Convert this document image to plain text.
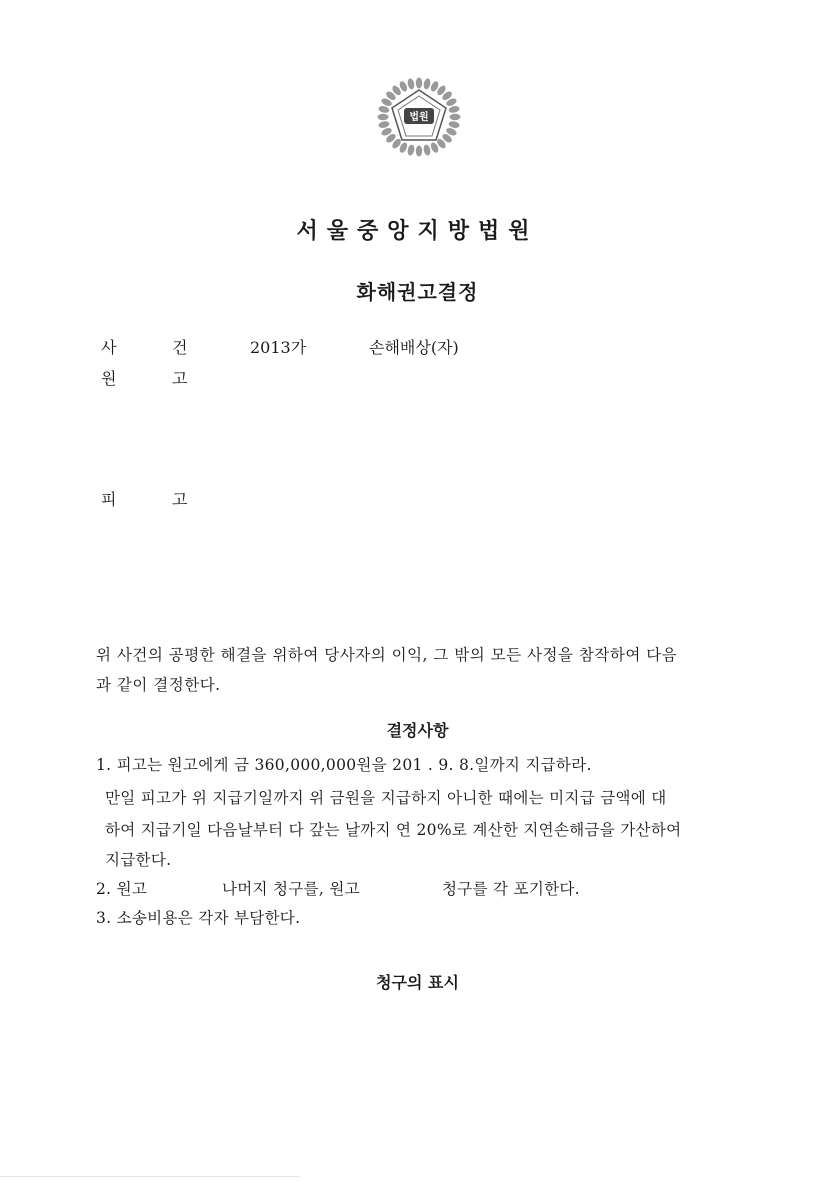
서울중앙지방법원
화해권고결정
사	건	2013가	손해배상(자)
원	고
피	고
위 사건의 공평한 해결을 위하여 당사자의 이익, 그 밖의 모든 사정을 참작하여 다음
과 같이 결정한다.
결정사항
1. 피고는 원고에게 금 360,000,000원을 201 . 9. 8.일까지 지급하라.
만일 피고가 위 지급기일까지 위 금원을 지급하지 아니한 때에는 미지급 금액에 대
하여 지급기일 다음날부터 다 갚는 날까지 연 20%로 계산한 지연손해금을 가산하여
지급한다.
2. 원고	나머지 청구를, 원고	청구를 각 포기한다.
3. 소송비용은 각자 부담한다.
청구의 표시
법원
